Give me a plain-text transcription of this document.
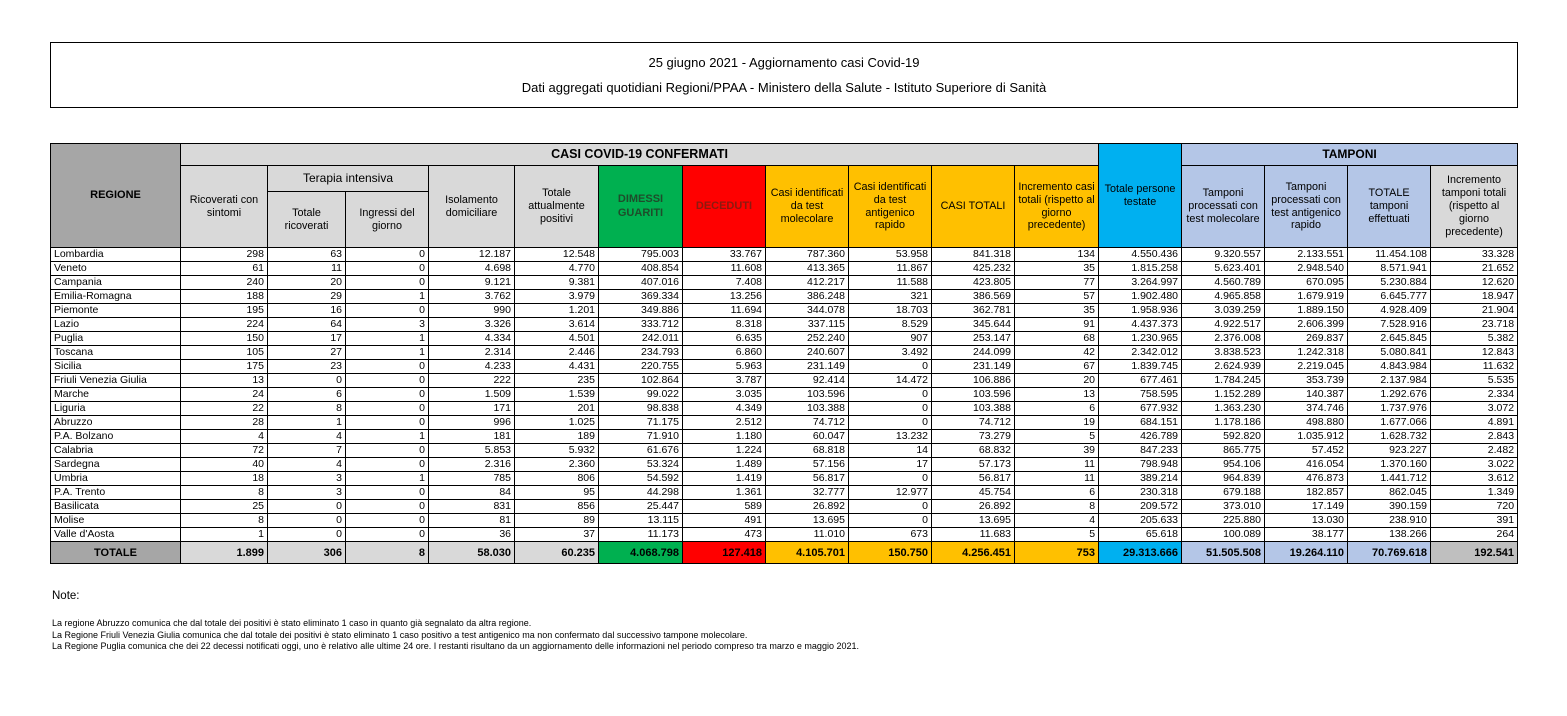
25 giugno 2021 - Aggiornamento casi Covid-19

Dati aggregati quotidiani Regioni/PPAA - Ministero della Salute - Istituto Superiore di Sanità

REGIONE	CASI COVID-19 CONFERMATI											Totale persone testate	TAMPONI			
	Ricoverati con sintomi	Terapia intensiva		Isolamento domiciliare	Totale attualmente positivi	DIMESSI GUARITI	DECEDUTI	Casi identificati da test molecolare	Casi identificati da test antigenico rapido	CASI TOTALI	Incremento casi totali (rispetto al giorno precedente)		Tamponi processati con test molecolare	Tamponi processati con test antigenico rapido	TOTALE tamponi effettuati	Incremento tamponi totali (rispetto al giorno precedente)
		Totale ricoverati	Ingressi del giorno													
Lombardia	298	63	0	12.187	12.548	795.003	33.767	787.360	53.958	841.318	134	4.550.436	9.320.557	2.133.551	11.454.108	33.328
Veneto	61	11	0	4.698	4.770	408.854	11.608	413.365	11.867	425.232	35	1.815.258	5.623.401	2.948.540	8.571.941	21.652
Campania	240	20	0	9.121	9.381	407.016	7.408	412.217	11.588	423.805	77	3.264.997	4.560.789	670.095	5.230.884	12.620
Emilia-Romagna	188	29	1	3.762	3.979	369.334	13.256	386.248	321	386.569	57	1.902.480	4.965.858	1.679.919	6.645.777	18.947
Piemonte	195	16	0	990	1.201	349.886	11.694	344.078	18.703	362.781	35	1.958.936	3.039.259	1.889.150	4.928.409	21.904
Lazio	224	64	3	3.326	3.614	333.712	8.318	337.115	8.529	345.644	91	4.437.373	4.922.517	2.606.399	7.528.916	23.718
Puglia	150	17	1	4.334	4.501	242.011	6.635	252.240	907	253.147	68	1.230.965	2.376.008	269.837	2.645.845	5.382
Toscana	105	27	1	2.314	2.446	234.793	6.860	240.607	3.492	244.099	42	2.342.012	3.838.523	1.242.318	5.080.841	12.843
Sicilia	175	23	0	4.233	4.431	220.755	5.963	231.149	0	231.149	67	1.839.745	2.624.939	2.219.045	4.843.984	11.632
Friuli Venezia Giulia	13	0	0	222	235	102.864	3.787	92.414	14.472	106.886	20	677.461	1.784.245	353.739	2.137.984	5.535
Marche	24	6	0	1.509	1.539	99.022	3.035	103.596	0	103.596	13	758.595	1.152.289	140.387	1.292.676	2.334
Liguria	22	8	0	171	201	98.838	4.349	103.388	0	103.388	6	677.932	1.363.230	374.746	1.737.976	3.072
Abruzzo	28	1	0	996	1.025	71.175	2.512	74.712	0	74.712	19	684.151	1.178.186	498.880	1.677.066	4.891
P.A. Bolzano	4	4	1	181	189	71.910	1.180	60.047	13.232	73.279	5	426.789	592.820	1.035.912	1.628.732	2.843
Calabria	72	7	0	5.853	5.932	61.676	1.224	68.818	14	68.832	39	847.233	865.775	57.452	923.227	2.482
Sardegna	40	4	0	2.316	2.360	53.324	1.489	57.156	17	57.173	11	798.948	954.106	416.054	1.370.160	3.022
Umbria	18	3	1	785	806	54.592	1.419	56.817	0	56.817	11	389.214	964.839	476.873	1.441.712	3.612
P.A. Trento	8	3	0	84	95	44.298	1.361	32.777	12.977	45.754	6	230.318	679.188	182.857	862.045	1.349
Basilicata	25	0	0	831	856	25.447	589	26.892	0	26.892	8	209.572	373.010	17.149	390.159	720
Molise	8	0	0	81	89	13.115	491	13.695	0	13.695	4	205.633	225.880	13.030	238.910	391
Valle d'Aosta	1	0	0	36	37	11.173	473	11.010	673	11.683	5	65.618	100.089	38.177	138.266	264
TOTALE	1.899	306	8	58.030	60.235	4.068.798	127.418	4.105.701	150.750	4.256.451	753	29.313.666	51.505.508	19.264.110	70.769.618	192.541
Note:
La regione Abruzzo comunica che dal totale dei positivi è stato eliminato 1 caso in quanto già segnalato da altra regione.
La Regione Friuli Venezia Giulia comunica che dal totale dei positivi è stato eliminato 1 caso positivo a test antigenico ma non confermato dal successivo tampone molecolare.
La Regione Puglia comunica che dei 22 decessi notificati oggi, uno è relativo alle ultime 24 ore. I restanti risultano da un aggiornamento delle informazioni nel periodo compreso tra marzo e maggio 2021.
